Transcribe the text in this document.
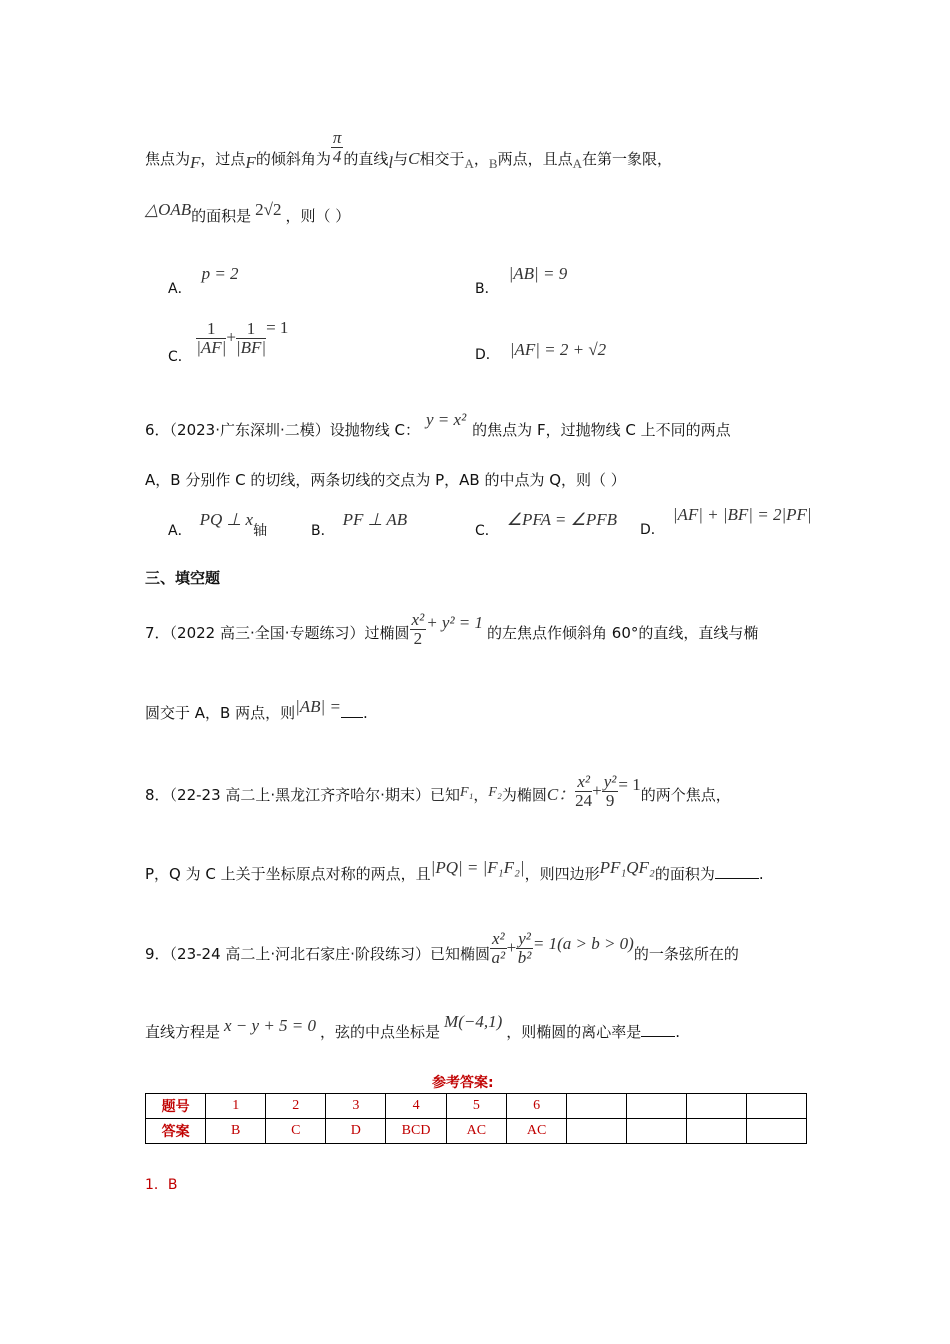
焦点为$_F$，过点$_F$的倾斜角为 $\frac{\pi}{4}$ 的直线$_l$与C相交于$_A$，$_B$两点，且点$_A$在第一象限，
△OAB的面积是 2√2 ，则（ ）
A．p = 2
B．|AB| = 9
C． $\frac{1}{|AF|} + \frac{1}{|BF|} = 1$
D． |AF| = 2 + √2
6．（2023·广东深圳·二模）设抛物线 C：y = x²的焦点为 F，过抛物线 C 上不同的两点
A，B 分别作 C 的切线，两条切线的交点为 P，AB 的中点为 Q，则（ ）
A．PQ ⊥ x轴	B．PF ⊥ AB
C．∠PFA = ∠PFB
D．|AF| + |BF| = 2|PF|
三、填空题
7．（2022 高三·全国·专题练习）过椭圆 $\frac{\text{x²}}{2} + y^2 = 1$的左焦点作倾斜角 60°的直线，直线与椭
圆交于 A，B 两点，则|AB| = .
8．（22-23 高二上·黑龙江齐齐哈尔·期末）已知F₁，F₂为椭圆C： $\frac{\text{x²}}{24} + \frac{\text{y²}}{9} = 1$的两个焦点，
P，Q 为 C 上关于坐标原点对称的两点，且|PQ| = |F₁F₂|，则四边形PF₁QF₂的面积为	.
9．（23-24 高二上·河北石家庄·阶段练习）已知椭圆 $\frac{\text{x²}}{\text{a²}} + \frac{\text{y²}}{\text{b²}} = 1(a > b > 0)$的一条弦所在的
直线方程是 x − y + 5 = 0 ，弦的中点坐标是M(−4,1)，则椭圆的离心率是 .
参考答案:
题号	1	2	3	4	5	6				
答案	B	C	D	BCD	AC	AC				
1．B
